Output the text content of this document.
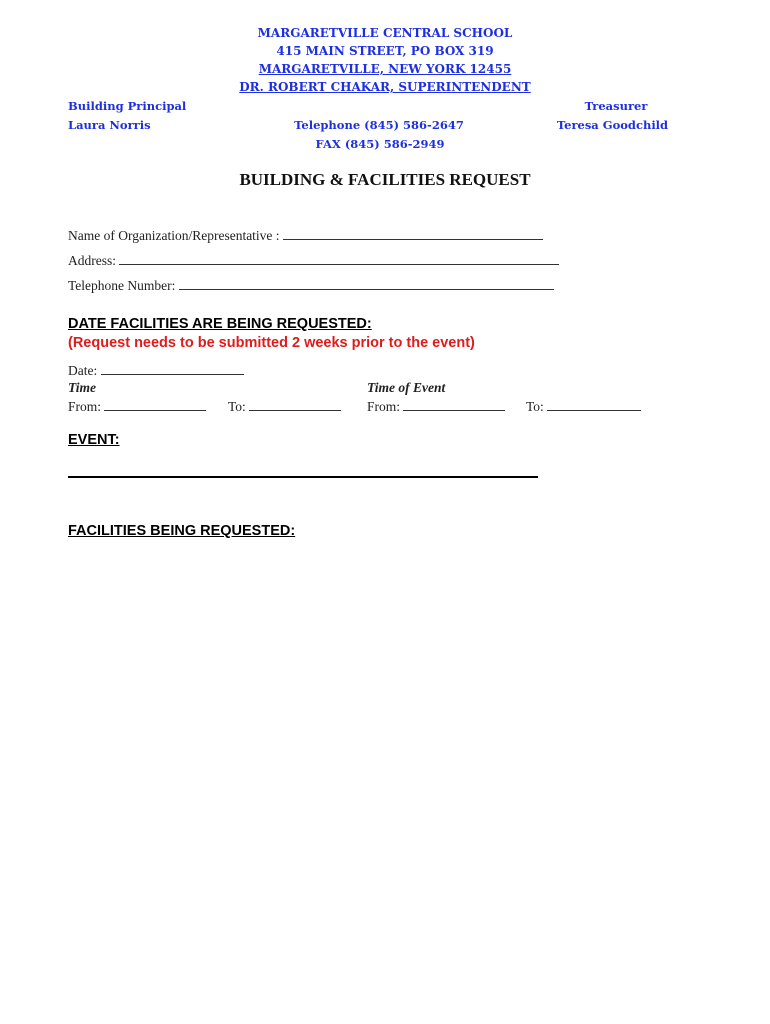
MARGARETVILLE CENTRAL SCHOOL
415 MAIN STREET, PO BOX 319
MARGARETVILLE, NEW YORK 12455
DR. ROBERT CHAKAR, SUPERINTENDENT
Building Principal
Laura Norris	Telephone (845) 586-2647
FAX (845) 586-2949
Treasurer
Teresa Goodchild
BUILDING & FACILITIES REQUEST
Name of Organization/Representative :
Address:
Telephone Number:
DATE FACILITIES ARE BEING REQUESTED:
(Request needs to be submitted 2 weeks prior to the event)
Date:
Time	Time of Event
From:	To:	From:	To:
EVENT:
FACILITIES BEING REQUESTED:
